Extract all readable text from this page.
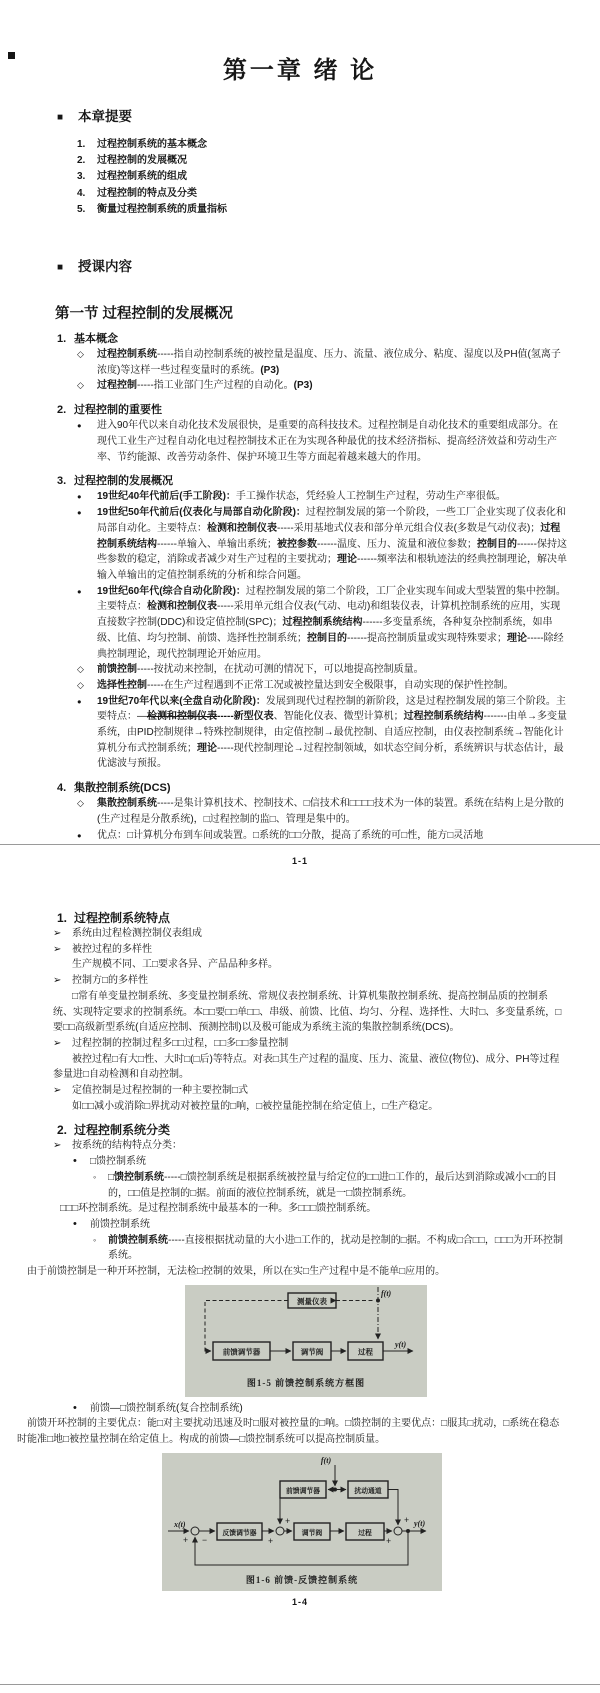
第一章 绪 论
■ 本章提要
1.	过程控制系统的基本概念
2.	过程控制的发展概况
3.	过程控制系统的组成
4.	过程控制的特点及分类
5.	衡量过程控制系统的质量指标
■ 授课内容
第一节 过程控制的发展概况
1. 基本概念
◇	过程控制系统-----指自动控制系统的被控量是温度、压力、流量、液位成分、粘度、湿度以及PH值(氢离子浓度)等这样一些过程变量时的系统。(P3)
◇	过程控制-----指工业部门生产过程的自动化。(P3)
2. 过程控制的重要性
●	进入90年代以来自动化技术发展很快，是重要的高科技技术。过程控制是自动化技术的重要组成部分。在现代工业生产过程自动化电过程控制技术正在为实现各种最优的技术经济指标、提高经济效益和劳动生产率、节约能源、改善劳动条件、保护环境卫生等方面起着越来越大的作用。
3. 过程控制的发展概况
●	19世纪40年代前后(手工阶段)：手工操作状态，凭经验人工控制生产过程，劳动生产率很低。
●	19世纪50年代前后(仪表化与局部自动化阶段)：过程控制发展的第一个阶段，一些工厂企业实现了仪表化和局部自动化。主要特点：检测和控制仪表-----采用基地式仪表和部分单元组合仪表(多数是气动仪表)；过程控制系统结构------单输入、单输出系统；被控参数------温度、压力、流量和液位参数；控制目的------保持这些参数的稳定，消除或者减少对生产过程的主要扰动；理论------频率法和根轨迹法的经典控制理论，解决单输入单输出的定值控制系统的分析和综合问题。
●	19世纪60年代(综合自动化阶段)：过程控制发展的第二个阶段，工厂企业实现车间或大型装置的集中控制。主要特点：检测和控制仪表-----采用单元组合仪表(气动、电动)和组装仪表，计算机控制系统的应用，实现直接数字控制(DDC)和设定值控制(SPC)；过程控制系统结构------多变量系统，各种复杂控制系统，如串级、比值、均匀控制、前馈、选择性控制系统；控制目的------提高控制质量或实现特殊要求；理论-----除经典控制理论，现代控制理论开始应用。
◇	前馈控制-----按扰动来控制，在扰动可测的情况下，可以地提高控制质量。
◇	选择性控制-----在生产过程遇到不正常工况或被控量达到安全极限事，自动实现的保护性控制。
●	19世纪70年代以来(全盘自动化阶段)：发展到现代过程控制的新阶段，这是过程控制发展的第三个阶段。主要特点：—检测和控制仪表-----新型仪表、智能化仪表、微型计算机；过程控制系统结构-------由单→多变量系统，由PID控制规律→特殊控制规律，由定值控制→最优控制、自适应控制，由仪表控制系统→智能化计算机分布式控制系统；理论-----现代控制理论→过程控制领域，如状态空间分析，系统辨识与状态估计，最优滤波与预报。
4. 集散控制系统(DCS)
◇	集散控制系统-----是集计算机技术、控制技术、□信技术和□□□□技术为一体的装置。系统在结构上是分散的(生产过程是分散系统)，□过程控制的监□、管理是集中的。
●	优点：□计算机分布到车间或装置。□系统的□□分散，提高了系统的可□性，能方□灵活地
1-1
1. 过程控制系统特点
➢	系统由过程检测控制仪表组成
➢	被控过程的多样性
生产规模不同、工□要求各异、产品品种多样。
➢	控制方□的多样性
□常有单变量控制系统、多变量控制系统、常规仪表控制系统、计算机集散控制系统、提高控制品质的控制系统、实现特定要求的控制系统。本□□要□□单□□、串级、前馈、比值、均匀、分程、选择性、大时□、多变量系统，□要□□高级新型系统(自适应控制、预测控制)以及极可能成为系统主流的集散控制系统(DCS)。
➢	过程控制的控制过程多□□过程，□□多□□参量控制
被控过程□有大□性、大时□(□后)等特点。对表□其生产过程的温度、压力、流量、液位(物位)、成分、PH等过程参量进□自动检测和自动控制。
➢	定值控制是过程控制的一种主要控制□式
如□□减小或消除□界扰动对被控量的□响，□被控量能控制在给定值上，□生产稳定。
2. 过程控制系统分类
➢	按系统的结构特点分类：
•	□馈控制系统
◦	□馈控制系统-----□馈控制系统是根据系统被控量与给定位的□□进□工作的，最后达到消除或减小□□的目的，□□值是控制的□据。前面的液位控制系统，就是一□馈控制系统。
□□□环控制系统。是过程控制系统中最基本的一种。多□□□馈控制系统。
•	前馈控制系统
◦	前馈控制系统-----直接根据扰动量的大小进□工作的，扰动是控制的□据。不构成□合□□，□□□为开环控制系统。
由于前馈控制是一种开环控制，无法检□控制的效果，所以在实□生产过程中是不能单□应用的。
测量仪表
f(t)
前馈调节器	调节阀	过程
y(t)
图1-5 前馈控制系统方框图
•	前馈—□馈控制系统(复合控制系统)
前馈开环控制的主要优点：能□对主要扰动迅速及时□服对被控量的□响。□馈控制的主要优点：□服其□扰动，□系统在稳态时能准□地□被控量控制在给定值上。构成的前馈—□馈控制系统可以提高控制质量。
f(t)
前馈调节器	扰动通道
x(t)
+ −
反馈调节器
+
+
调节阀	过程
+
+
y(t)
图1-6 前馈-反馈控制系统
1-4
